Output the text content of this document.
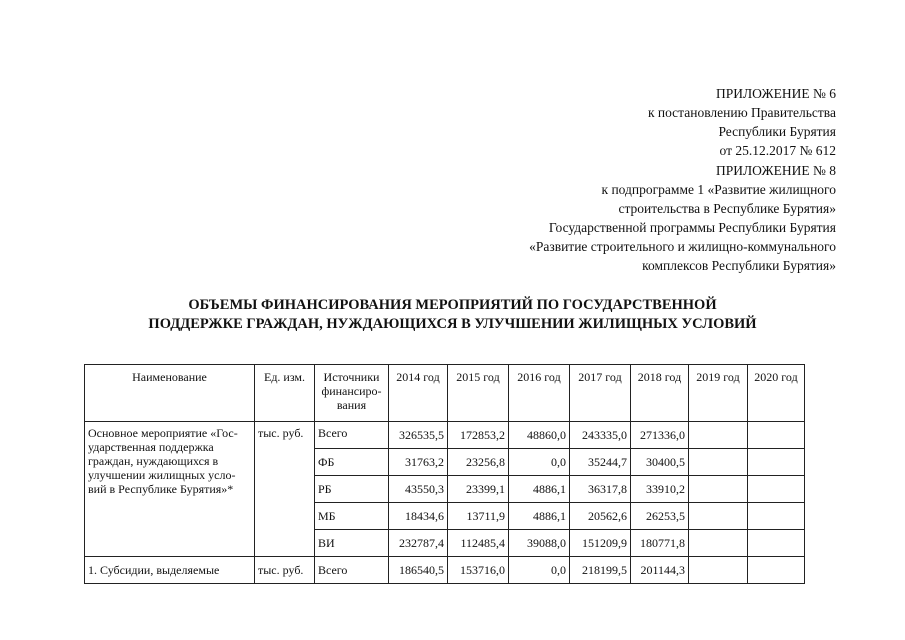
ПРИЛОЖЕНИЕ № 6
к постановлению Правительства
Республики Бурятия
от 25.12.2017 № 612
ПРИЛОЖЕНИЕ № 8
к подпрограмме 1 «Развитие жилищного
строительства в Республике Бурятия»
Государственной программы Республики Бурятия
«Развитие строительного и жилищно-коммунального
комплексов Республики Бурятия»
ОБЪЕМЫ ФИНАНСИРОВАНИЯ МЕРОПРИЯТИЙ ПО ГОСУДАРСТВЕННОЙ
ПОДДЕРЖКЕ ГРАЖДАН, НУЖДАЮЩИХСЯ В УЛУЧШЕНИИ ЖИЛИЩНЫХ УСЛОВИЙ
Наименование	Ед. изм.	Источники
финансиро-
вания	2014 год	2015 год	2016 год	2017 год	2018 год	2019 год	2020 год

Основное мероприятие «Гос-
ударственная поддержка
граждан, нуждающихся в
улучшении жилищных усло-
вий в Республике Бурятия»*	тыс. руб.	Всего	326535,5	172853,2	48860,0	243335,0	271336,0		
		ФБ	31763,2	23256,8	0,0	35244,7	30400,5		
		РБ	43550,3	23399,1	4886,1	36317,8	33910,2		
		МБ	18434,6	13711,9	4886,1	20562,6	26253,5		
		ВИ	232787,4	112485,4	39088,0	151209,9	180771,8		
1. Субсидии, выделяемые	тыс. руб.	Всего	186540,5	153716,0	0,0	218199,5	201144,3		
